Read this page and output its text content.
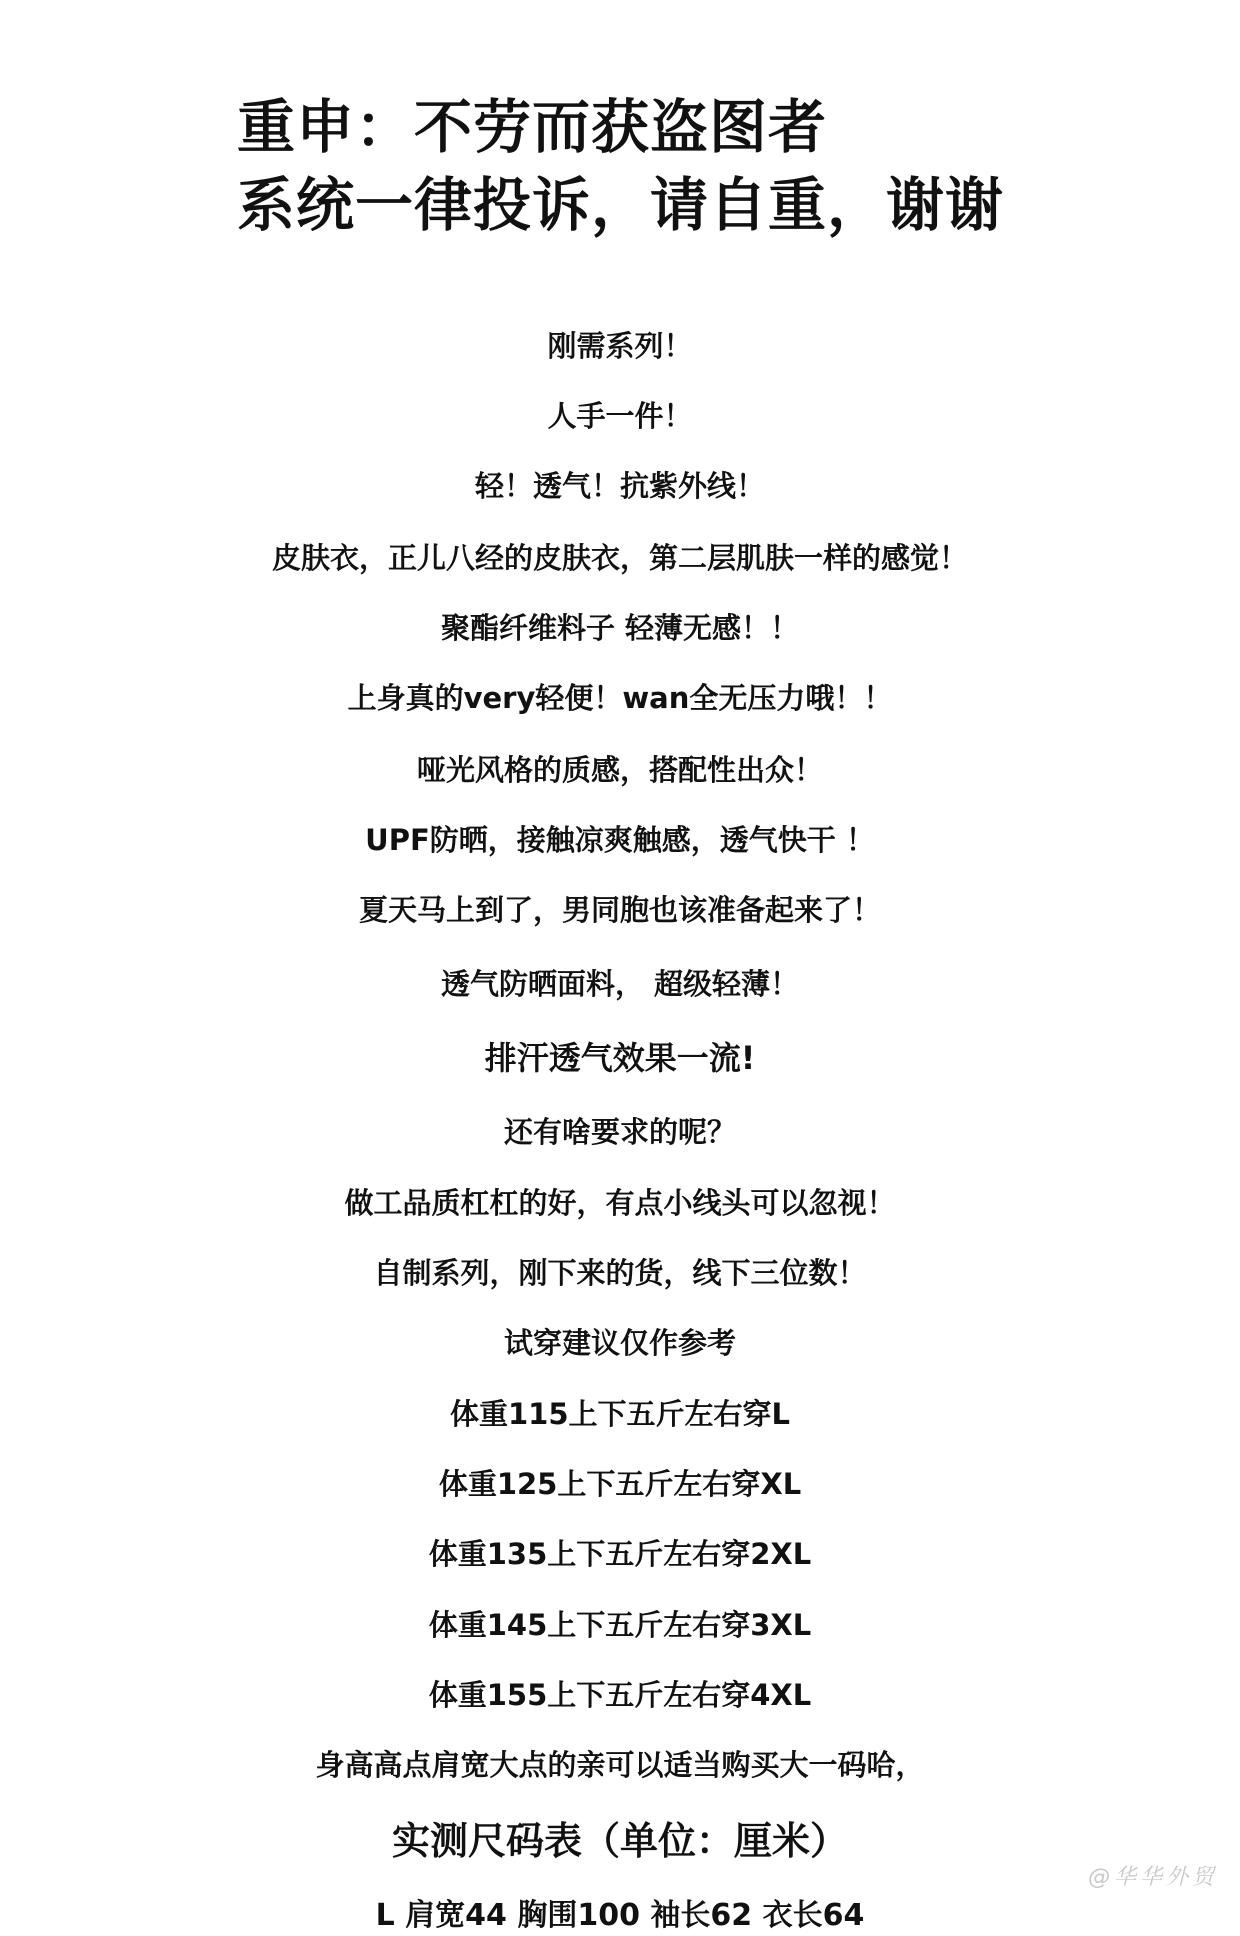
重申：不劳而获盗图者
系统一律投诉，请自重，谢谢
刚需系列！
人手一件！
轻！透气！抗紫外线！
皮肤衣，正儿八经的皮肤衣，第二层肌肤一样的感觉！
聚酯纤维料子 轻薄无感！！
上身真的very轻便！wan全无压力哦！！
哑光风格的质感，搭配性出众！
UPF防晒，接触凉爽触感，透气快干 ！
夏天马上到了，男同胞也该准备起来了！
透气防晒面料， 超级轻薄！
排汗透气效果一流!
还有啥要求的呢？
做工品质杠杠的好，有点小线头可以忽视！
自制系列，刚下来的货，线下三位数！
试穿建议仅作参考
体重115上下五斤左右穿L
体重125上下五斤左右穿XL
体重135上下五斤左右穿2XL
体重145上下五斤左右穿3XL
体重155上下五斤左右穿4XL
身高高点肩宽大点的亲可以适当购买大一码哈，
实测尺码表（单位：厘米）
L 肩宽44 胸围100 袖长62 衣长64
@华华外贸
